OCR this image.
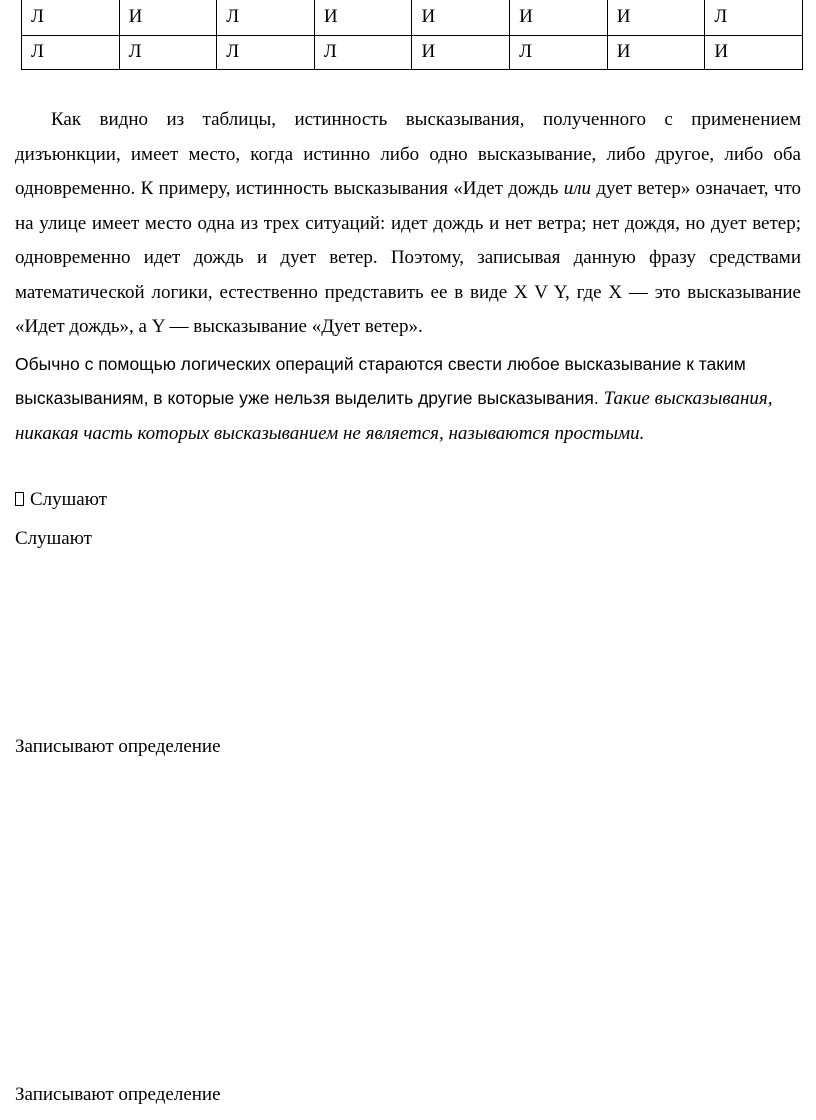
Л	И	Л	И	И	И	И	Л
Л	Л	Л	Л	И	Л	И	И

Как видно из таблицы, истинность высказывания, полученного с применением дизъюнкции, имеет место, когда истинно либо одно высказывание, либо другое, либо оба одновременно. К примеру, истинность высказывания «Идет дождь или дует ветер» означает, что на улице имеет место одна из трех ситуаций: идет дождь и нет ветра; нет дождя, но дует ветер; одновременно идет дождь и дует ветер. Поэтому, записывая данную фразу средствами математической логики, естественно представить ее в виде X V Y, где X — это высказывание «Идет дождь», а Y — высказывание «Дует ветер».

Обычно с помощью логических операций стараются свести любое высказывание к таким высказываниям, в которые уже нельзя выделить другие высказывания. Такие высказывания, никакая часть которых высказыванием не является, называются простыми.

Слушают

Слушают

Записывают определение

Записывают определение
